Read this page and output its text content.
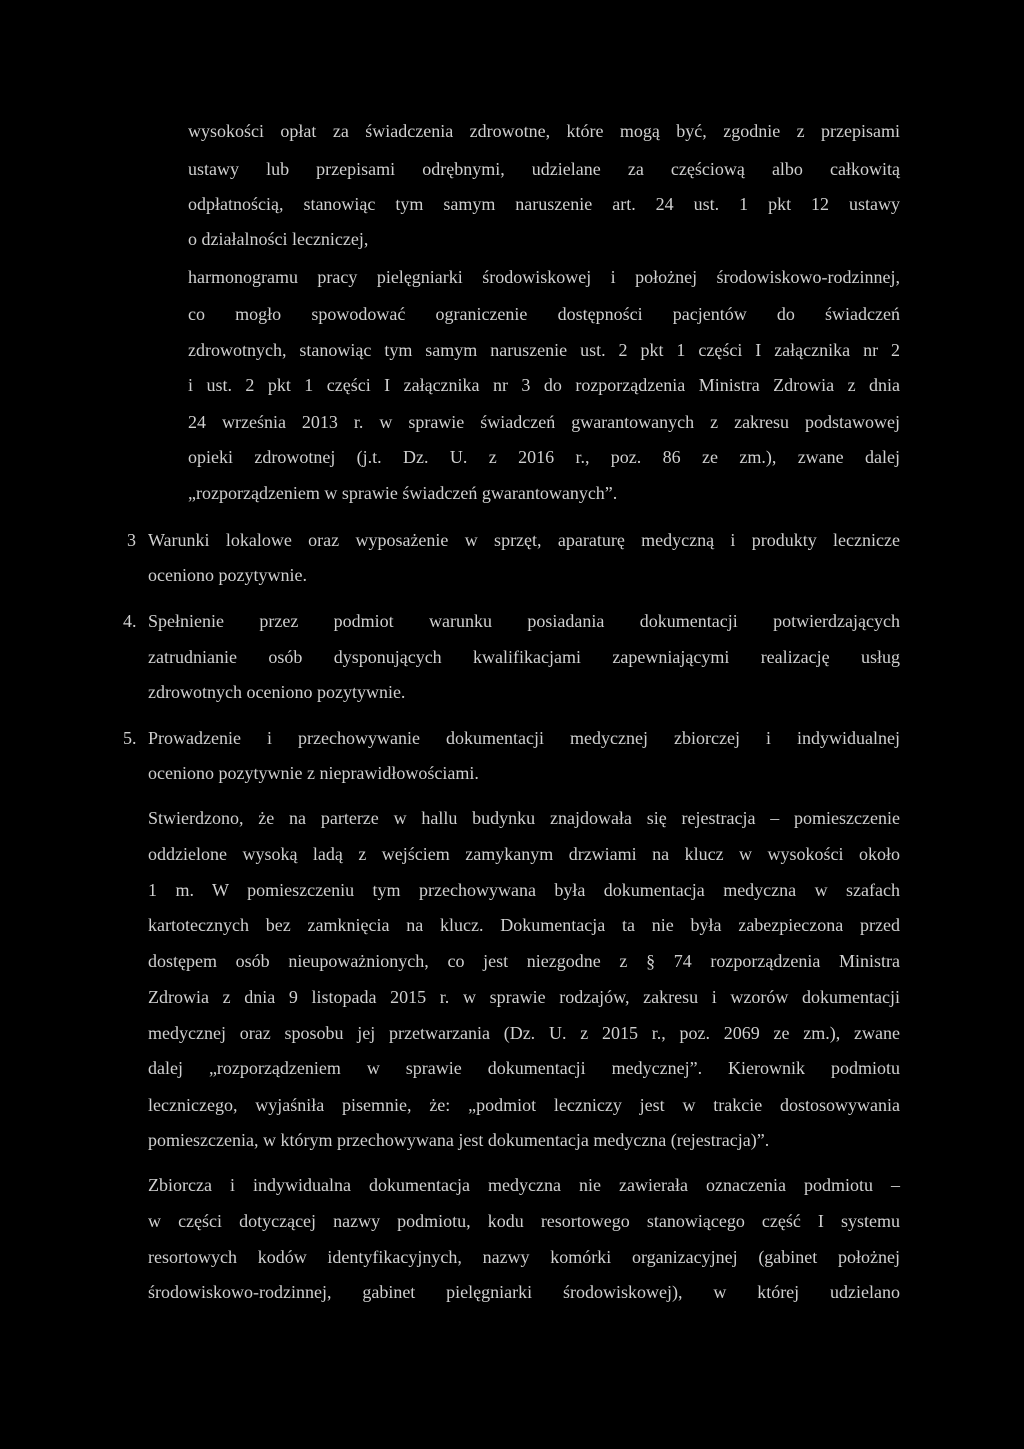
wysokości opłat za świadczenia zdrowotne, które mogą być, zgodnie z przepisami
ustawy lub przepisami odrębnymi, udzielane za częściową albo całkowitą
odpłatnością, stanowiąc tym samym naruszenie art. 24 ust. 1 pkt 12 ustawy
o działalności leczniczej,
harmonogramu pracy pielęgniarki środowiskowej i położnej środowiskowo-rodzinnej,
co mogło spowodować ograniczenie dostępności pacjentów do świadczeń
zdrowotnych, stanowiąc tym samym naruszenie ust. 2 pkt 1 części I załącznika nr 2
i ust. 2 pkt 1 części I załącznika nr 3 do rozporządzenia Ministra Zdrowia z dnia
24 września 2013 r. w sprawie świadczeń gwarantowanych z zakresu podstawowej
opieki zdrowotnej (j.t. Dz. U. z 2016 r., poz. 86 ze zm.), zwane dalej
„rozporządzeniem w sprawie świadczeń gwarantowanych”.
3 Warunki lokalowe oraz wyposażenie w sprzęt, aparaturę medyczną i produkty lecznicze
oceniono pozytywnie.
4. Spełnienie przez podmiot warunku posiadania dokumentacji potwierdzających
zatrudnianie osób dysponujących kwalifikacjami zapewniającymi realizację usług
zdrowotnych oceniono pozytywnie.
5. Prowadzenie i przechowywanie dokumentacji medycznej zbiorczej i indywidualnej
oceniono pozytywnie z nieprawidłowościami.
Stwierdzono, że na parterze w hallu budynku znajdowała się rejestracja – pomieszczenie
oddzielone wysoką ladą z wejściem zamykanym drzwiami na klucz w wysokości około
1 m. W pomieszczeniu tym przechowywana była dokumentacja medyczna w szafach
kartotecznych bez zamknięcia na klucz. Dokumentacja ta nie była zabezpieczona przed
dostępem osób nieupoważnionych, co jest niezgodne z § 74 rozporządzenia Ministra
Zdrowia z dnia 9 listopada 2015 r. w sprawie rodzajów, zakresu i wzorów dokumentacji
medycznej oraz sposobu jej przetwarzania (Dz. U. z 2015 r., poz. 2069 ze zm.), zwane
dalej „rozporządzeniem w sprawie dokumentacji medycznej”. Kierownik podmiotu
leczniczego, wyjaśniła pisemnie, że: „podmiot leczniczy jest w trakcie dostosowywania
pomieszczenia, w którym przechowywana jest dokumentacja medyczna (rejestracja)”.
Zbiorcza i indywidualna dokumentacja medyczna nie zawierała oznaczenia podmiotu –
w części dotyczącej nazwy podmiotu, kodu resortowego stanowiącego część I systemu
resortowych kodów identyfikacyjnych, nazwy komórki organizacyjnej (gabinet położnej
środowiskowo-rodzinnej, gabinet pielęgniarki środowiskowej), w której udzielano
